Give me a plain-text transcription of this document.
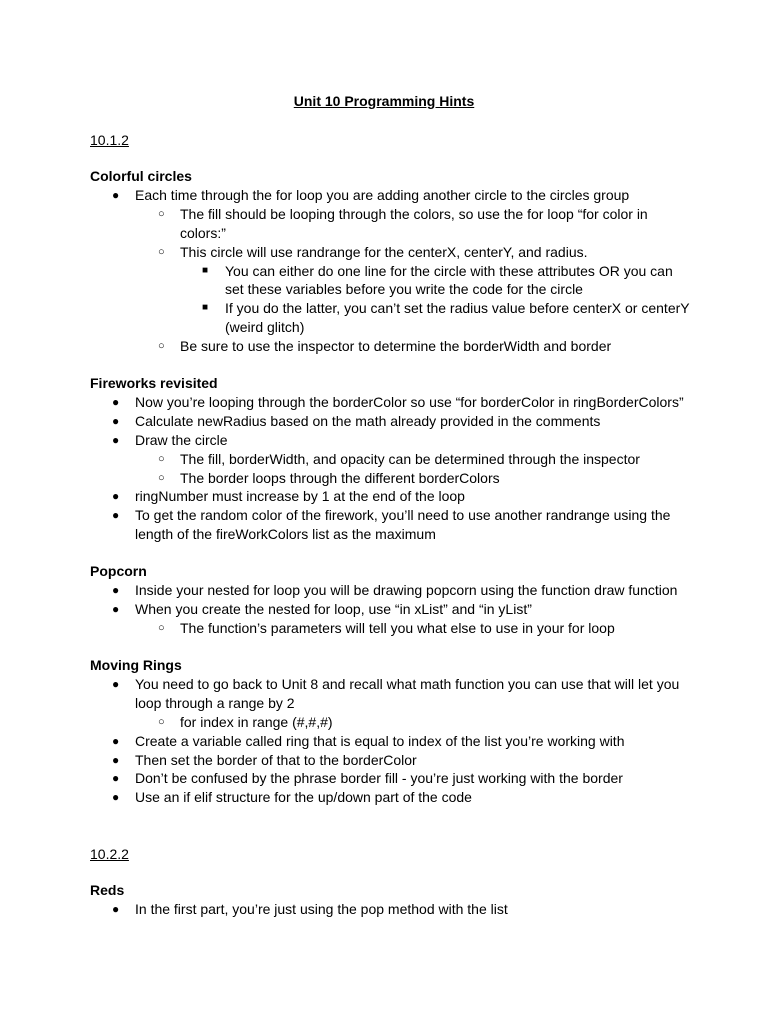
Unit 10 Programming Hints
10.1.2
Colorful circles
● Each time through the for loop you are adding another circle to the circles group
○ The fill should be looping through the colors, so use the for loop “for color in colors:”
○ This circle will use randrange for the centerX, centerY, and radius.
■ You can either do one line for the circle with these attributes OR you can set these variables before you write the code for the circle
■ If you do the latter, you can’t set the radius value before centerX or centerY (weird glitch)
○ Be sure to use the inspector to determine the borderWidth and border
Fireworks revisited
● Now you’re looping through the borderColor so use “for borderColor in ringBorderColors”
● Calculate newRadius based on the math already provided in the comments
● Draw the circle
○ The fill, borderWidth, and opacity can be determined through the inspector
○ The border loops through the different borderColors
● ringNumber must increase by 1 at the end of the loop
● To get the random color of the firework, you’ll need to use another randrange using the length of the fireWorkColors list as the maximum
Popcorn
● Inside your nested for loop you will be drawing popcorn using the function draw function
● When you create the nested for loop, use “in xList” and “in yList”
○ The function’s parameters will tell you what else to use in your for loop
Moving Rings
● You need to go back to Unit 8 and recall what math function you can use that will let you loop through a range by 2
○ for index in range (#,#,#)
● Create a variable called ring that is equal to index of the list you’re working with
● Then set the border of that to the borderColor
● Don’t be confused by the phrase border fill - you’re just working with the border
● Use an if elif structure for the up/down part of the code
10.2.2
Reds
● In the first part, you’re just using the pop method with the list
